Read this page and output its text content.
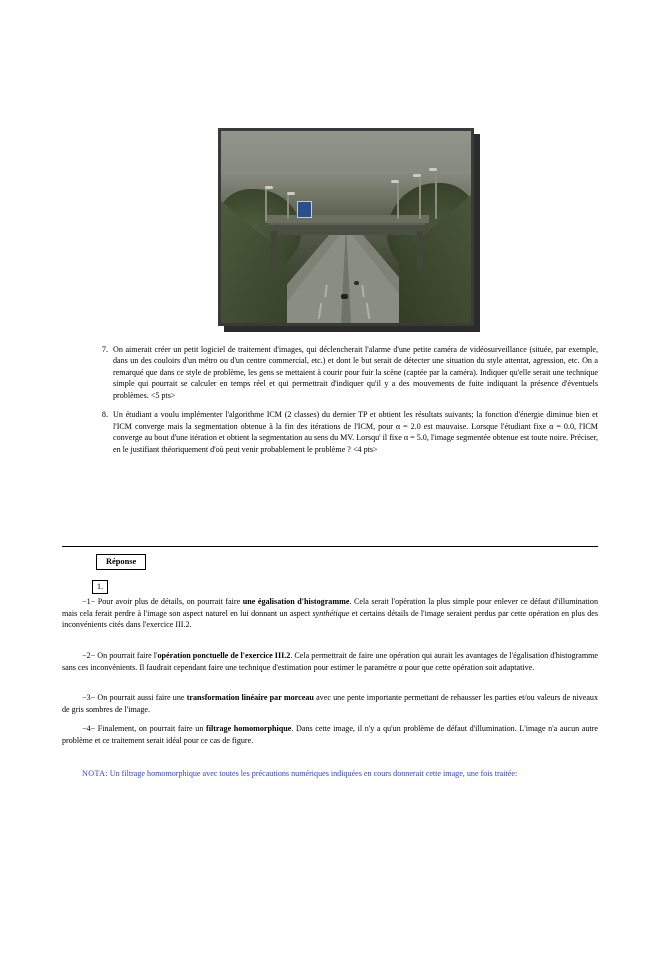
7. On aimerait créer un petit logiciel de traitement d'images, qui déclencherait l'alarme d'une petite caméra de vidéosurveillance (située, par exemple, dans un des couloirs d'un métro ou d'un centre commercial, etc.) et dont le but serait de détecter une situation du style attentat, agression, etc. On a remarqué que dans ce style de problème, les gens se mettaient à courir pour fuir la scène (captée par la caméra). Indiquer qu'elle serait une technique simple qui pourrait se calculer en temps réel et qui permettrait d'indiquer qu'il y a des mouvements de fuite indiquant la présence d'éventuels problèmes. <5 pts>
8. Un étudiant a voulu implémenter l'algorithme ICM (2 classes) du dernier TP et obtient les résultats suivants; la fonction d'énergie diminue bien et l'ICM converge mais la segmentation obtenue à la fin des itérations de l'ICM, pour α = 2.0 est mauvaise. Lorsque l'étudiant fixe α = 0.0, l'ICM converge au bout d'une itération et obtient la segmentation au sens du MV. Lorsqu' il fixe α = 5.0, l'image segmentée obtenue est toute noire. Préciser, en le justifiant théoriquement d'où peut venir probablement le problème ? <4 pts>
Réponse
1.
−1− Pour avoir plus de détails, on pourrait faire une égalisation d'histogramme. Cela serait l'opération la plus simple pour enlever ce défaut d'illumination mais cela ferait perdre à l'image son aspect naturel en lui donnant un aspect synthétique et certains détails de l'image seraient perdus par cette opération en plus des inconvénients cités dans l'exercice III.2.
−2− On pourrait faire l'opération ponctuelle de l'exercice III.2. Cela permettrait de faire une opération qui aurait les avantages de l'égalisation d'histogramme sans ces inconvénients. Il faudrait cependant faire une technique d'estimation pour estimer le paramètre α pour que cette opération soit adaptative.
−3− On pourrait aussi faire une transformation linéaire par morceau avec une pente importante permettant de rehausser les parties et/ou valeurs de niveaux de gris sombres de l'image.
−4− Finalement, on pourrait faire un filtrage homomorphique. Dans cette image, il n'y a qu'un problème de défaut d'illumination. L'image n'a aucun autre problème et ce traitement serait idéal pour ce cas de figure.
NOTA: Un filtrage homomorphique avec toutes les précautions numériques indiquées en cours donnerait cette image, une fois traitée:
